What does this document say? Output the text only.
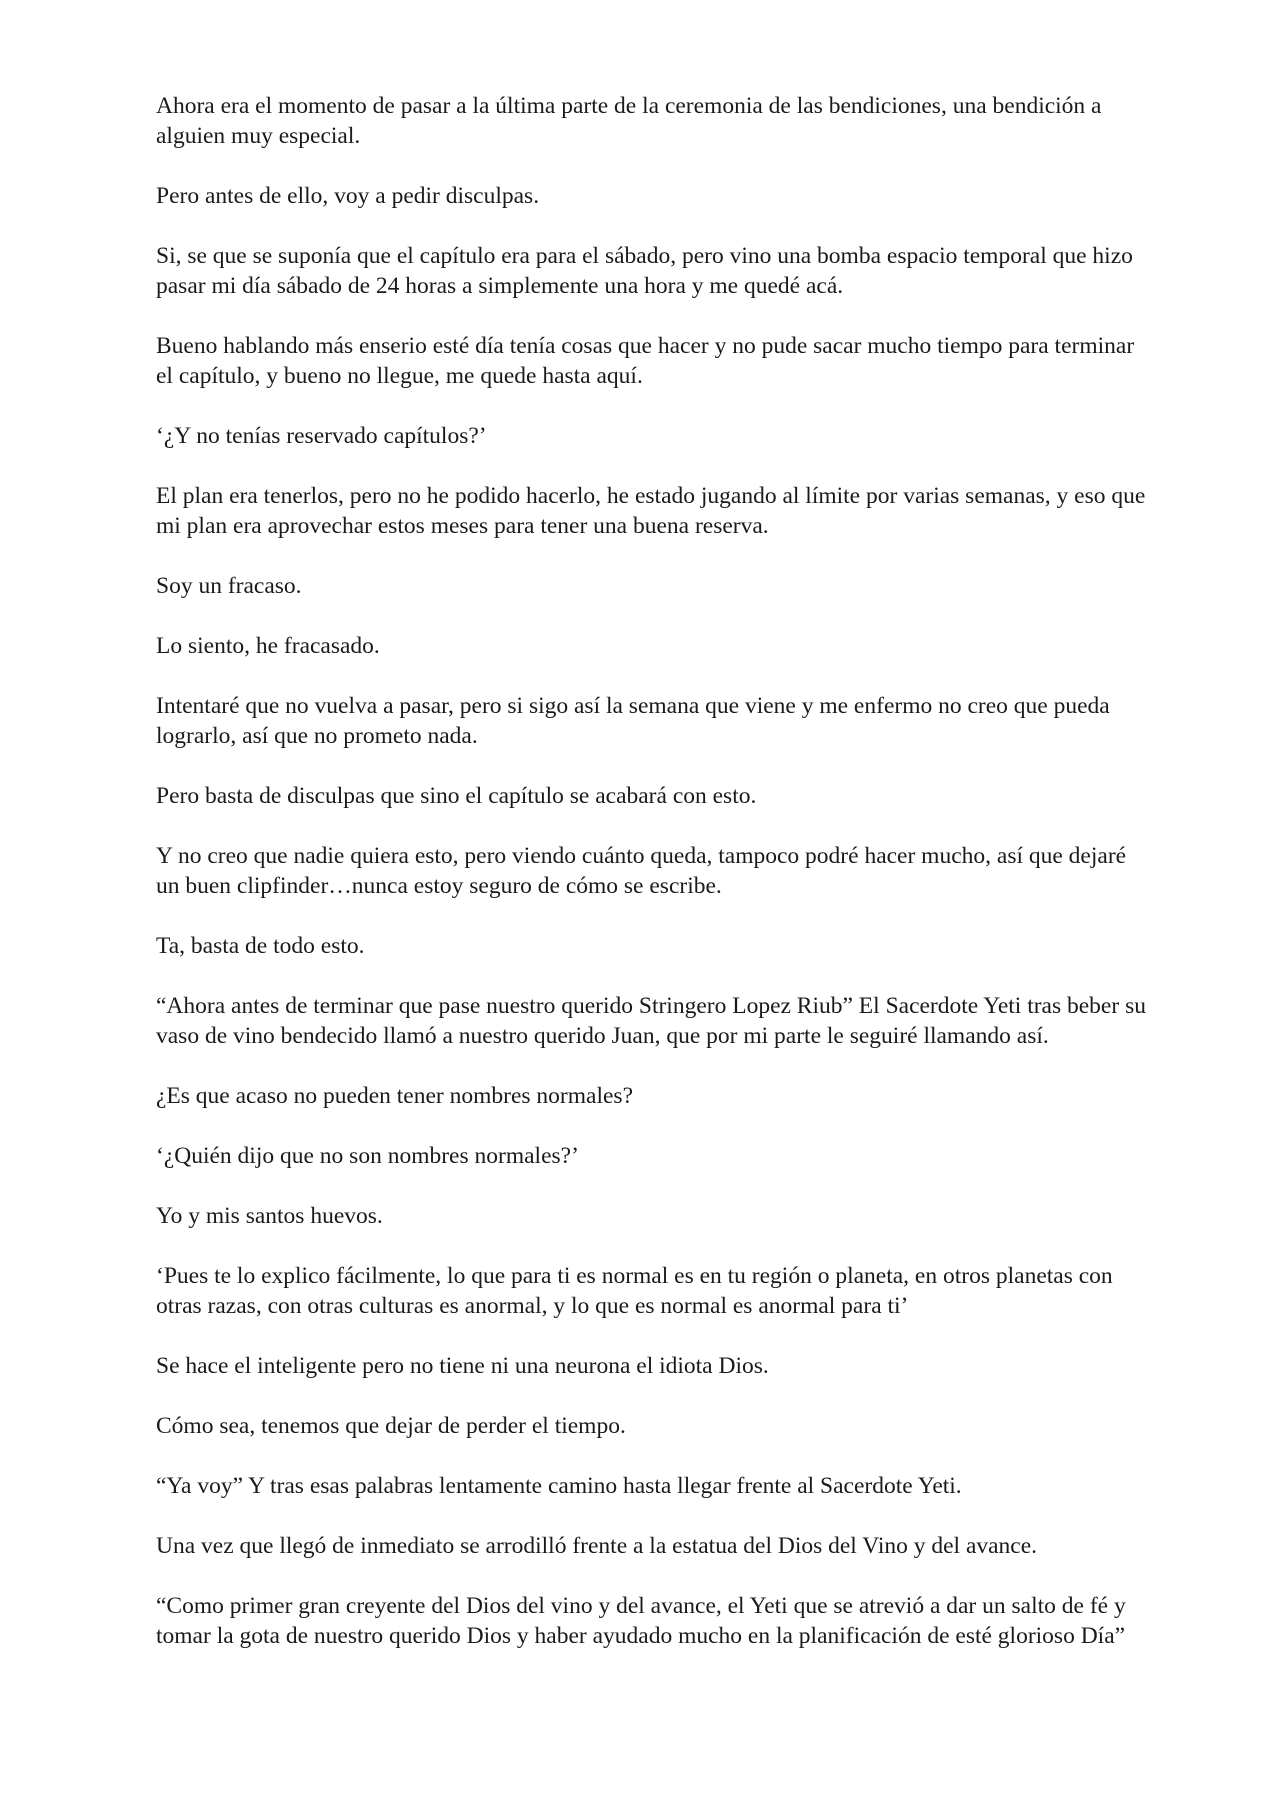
Ahora era el momento de pasar a la última parte de la ceremonia de las bendiciones, una bendición a alguien muy especial.

Pero antes de ello, voy a pedir disculpas.

Si, se que se suponía que el capítulo era para el sábado, pero vino una bomba espacio temporal que hizo pasar mi día sábado de 24 horas a simplemente una hora y me quedé acá.

Bueno hablando más enserio esté día tenía cosas que hacer y no pude sacar mucho tiempo para terminar el capítulo, y bueno no llegue, me quede hasta aquí.

‘¿Y no tenías reservado capítulos?’

El plan era tenerlos, pero no he podido hacerlo, he estado jugando al límite por varias semanas, y eso que mi plan era aprovechar estos meses para tener una buena reserva.

Soy un fracaso.

Lo siento, he fracasado.

Intentaré que no vuelva a pasar, pero si sigo así la semana que viene y me enfermo no creo que pueda lograrlo, así que no prometo nada.

Pero basta de disculpas que sino el capítulo se acabará con esto.

Y no creo que nadie quiera esto, pero viendo cuánto queda, tampoco podré hacer mucho, así que dejaré un buen clipfinder…nunca estoy seguro de cómo se escribe.

Ta, basta de todo esto.

“Ahora antes de terminar que pase nuestro querido Stringero Lopez Riub” El Sacerdote Yeti tras beber su vaso de vino bendecido llamó a nuestro querido Juan, que por mi parte le seguiré llamando así.

¿Es que acaso no pueden tener nombres normales?

‘¿Quién dijo que no son nombres normales?’

Yo y mis santos huevos.

‘Pues te lo explico fácilmente, lo que para ti es normal es en tu región o planeta, en otros planetas con otras razas, con otras culturas es anormal, y lo que es normal es anormal para ti’

Se hace el inteligente pero no tiene ni una neurona el idiota Dios.

Cómo sea, tenemos que dejar de perder el tiempo.

“Ya voy” Y tras esas palabras lentamente camino hasta llegar frente al Sacerdote Yeti.

Una vez que llegó de inmediato se arrodilló frente a la estatua del Dios del Vino y del avance.

“Como primer gran creyente del Dios del vino y del avance, el Yeti que se atrevió a dar un salto de fé y tomar la gota de nuestro querido Dios y haber ayudado mucho en la planificación de esté glorioso Día”
